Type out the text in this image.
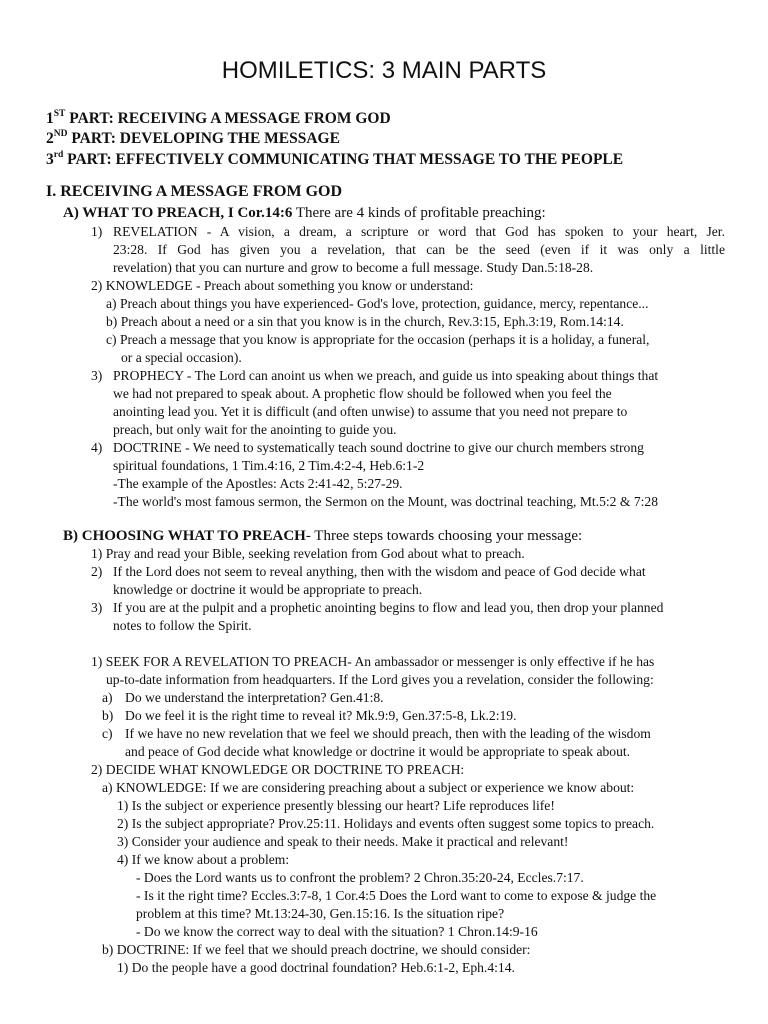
HOMILETICS: 3 MAIN PARTS
1ST PART: RECEIVING A MESSAGE FROM GOD
2ND PART: DEVELOPING THE MESSAGE
3rd PART: EFFECTIVELY COMMUNICATING THAT MESSAGE TO THE PEOPLE
I. RECEIVING A MESSAGE FROM GOD
A) WHAT TO PREACH, I Cor.14:6 There are 4 kinds of profitable preaching:
1) REVELATION - A vision, a dream, a scripture or word that God has spoken to your heart, Jer.
23:28. If God has given you a revelation, that can be the seed (even if it was only a little
revelation) that you can nurture and grow to become a full message. Study Dan.5:18-28.
2) KNOWLEDGE - Preach about something you know or understand:
a) Preach about things you have experienced- God's love, protection, guidance, mercy, repentance...
b) Preach about a need or a sin that you know is in the church, Rev.3:15, Eph.3:19, Rom.14:14.
c) Preach a message that you know is appropriate for the occasion (perhaps it is a holiday, a funeral,
or a special occasion).
3) PROPHECY - The Lord can anoint us when we preach, and guide us into speaking about things that
we had not prepared to speak about. A prophetic flow should be followed when you feel the
anointing lead you. Yet it is difficult (and often unwise) to assume that you need not prepare to
preach, but only wait for the anointing to guide you.
4) DOCTRINE - We need to systematically teach sound doctrine to give our church members strong
spiritual foundations, 1 Tim.4:16, 2 Tim.4:2-4, Heb.6:1-2
-The example of the Apostles: Acts 2:41-42, 5:27-29.
-The world's most famous sermon, the Sermon on the Mount, was doctrinal teaching, Mt.5:2 & 7:28
B) CHOOSING WHAT TO PREACH- Three steps towards choosing your message:
1) Pray and read your Bible, seeking revelation from God about what to preach.
2) If the Lord does not seem to reveal anything, then with the wisdom and peace of God decide what
knowledge or doctrine it would be appropriate to preach.
3) If you are at the pulpit and a prophetic anointing begins to flow and lead you, then drop your planned
notes to follow the Spirit.
1) SEEK FOR A REVELATION TO PREACH- An ambassador or messenger is only effective if he has
up-to-date information from headquarters. If the Lord gives you a revelation, consider the following:
a) Do we understand the interpretation? Gen.41:8.
b) Do we feel it is the right time to reveal it? Mk.9:9, Gen.37:5-8, Lk.2:19.
c) If we have no new revelation that we feel we should preach, then with the leading of the wisdom
and peace of God decide what knowledge or doctrine it would be appropriate to speak about.
2) DECIDE WHAT KNOWLEDGE OR DOCTRINE TO PREACH:
a) KNOWLEDGE: If we are considering preaching about a subject or experience we know about:
1) Is the subject or experience presently blessing our heart? Life reproduces life!
2) Is the subject appropriate? Prov.25:11. Holidays and events often suggest some topics to preach.
3) Consider your audience and speak to their needs. Make it practical and relevant!
4) If we know about a problem:
- Does the Lord wants us to confront the problem? 2 Chron.35:20-24, Eccles.7:17.
- Is it the right time? Eccles.3:7-8, 1 Cor.4:5 Does the Lord want to come to expose & judge the
problem at this time? Mt.13:24-30, Gen.15:16. Is the situation ripe?
- Do we know the correct way to deal with the situation? 1 Chron.14:9-16
b) DOCTRINE: If we feel that we should preach doctrine, we should consider:
1) Do the people have a good doctrinal foundation? Heb.6:1-2, Eph.4:14.
